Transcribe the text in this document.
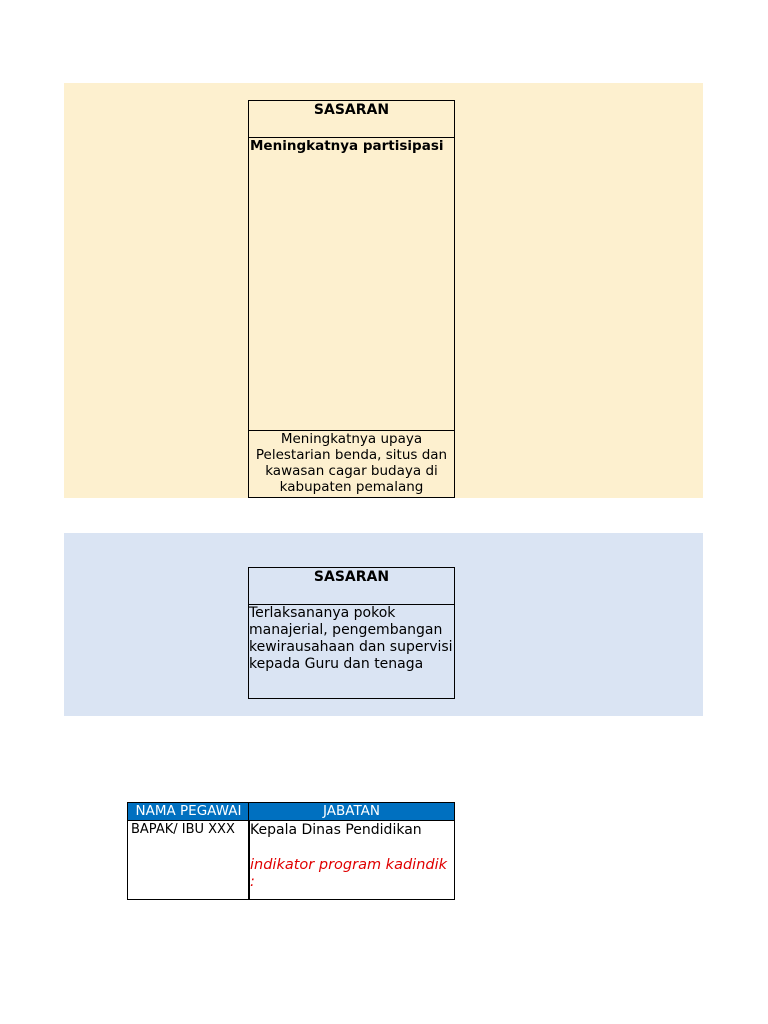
SASARAN
Meningkatnya partisipasi
Meningkatnya upaya Pelestarian benda, situs dan kawasan cagar budaya di kabupaten pemalang
SASARAN
Terlaksananya pokok manajerial, pengembangan kewirausahaan dan supervisi kepada Guru dan tenaga
NAMA PEGAWAI	JABATAN
BAPAK/ IBU XXX	Kepala Dinas Pendidikan
indikator program kadindik :
